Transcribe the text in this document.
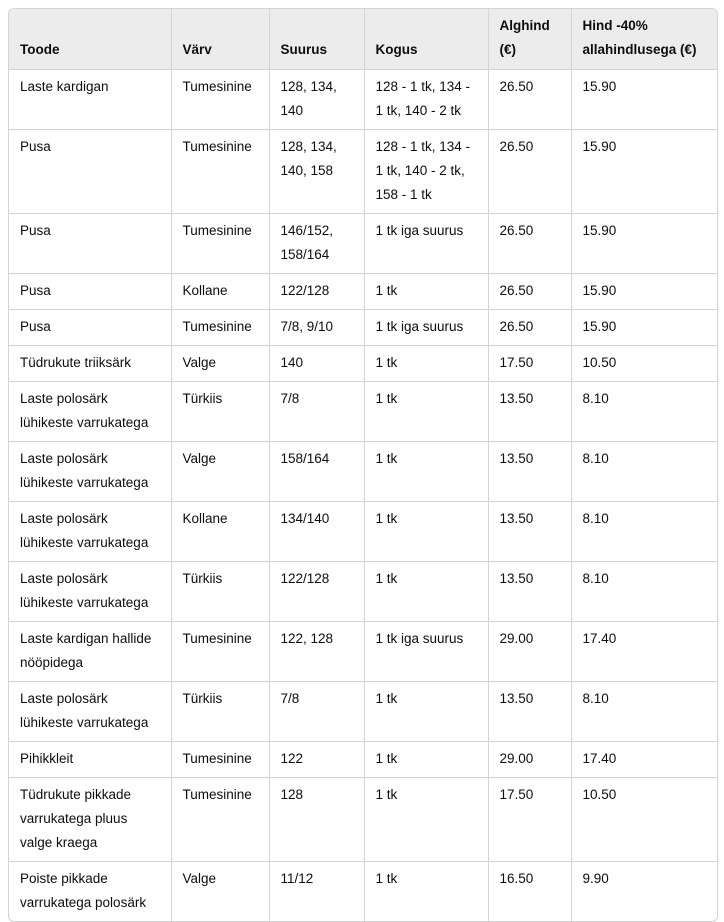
Toode	Värv	Suurus	Kogus	Alghind (€)	Hind -40% allahindlusega (€)
Laste kardigan	Tumesinine	128, 134, 140	128 - 1 tk, 134 - 1 tk, 140 - 2 tk	26.50	15.90
Pusa	Tumesinine	128, 134, 140, 158	128 - 1 tk, 134 - 1 tk, 140 - 2 tk, 158 - 1 tk	26.50	15.90
Pusa	Tumesinine	146/152, 158/164	1 tk iga suurus	26.50	15.90
Pusa	Kollane	122/128	1 tk	26.50	15.90
Pusa	Tumesinine	7/8, 9/10	1 tk iga suurus	26.50	15.90
Tüdrukute triiksärk	Valge	140	1 tk	17.50	10.50
Laste polosärk lühikeste varrukatega	Türkiis	7/8	1 tk	13.50	8.10
Laste polosärk lühikeste varrukatega	Valge	158/164	1 tk	13.50	8.10
Laste polosärk lühikeste varrukatega	Kollane	134/140	1 tk	13.50	8.10
Laste polosärk lühikeste varrukatega	Türkiis	122/128	1 tk	13.50	8.10
Laste kardigan hallide nööpidega	Tumesinine	122, 128	1 tk iga suurus	29.00	17.40
Laste polosärk lühikeste varrukatega	Türkiis	7/8	1 tk	13.50	8.10
Pihikkleit	Tumesinine	122	1 tk	29.00	17.40
Tüdrukute pikkade varrukatega pluus valge kraega	Tumesinine	128	1 tk	17.50	10.50
Poiste pikkade varrukatega polosärk	Valge	11/12	1 tk	16.50	9.90
